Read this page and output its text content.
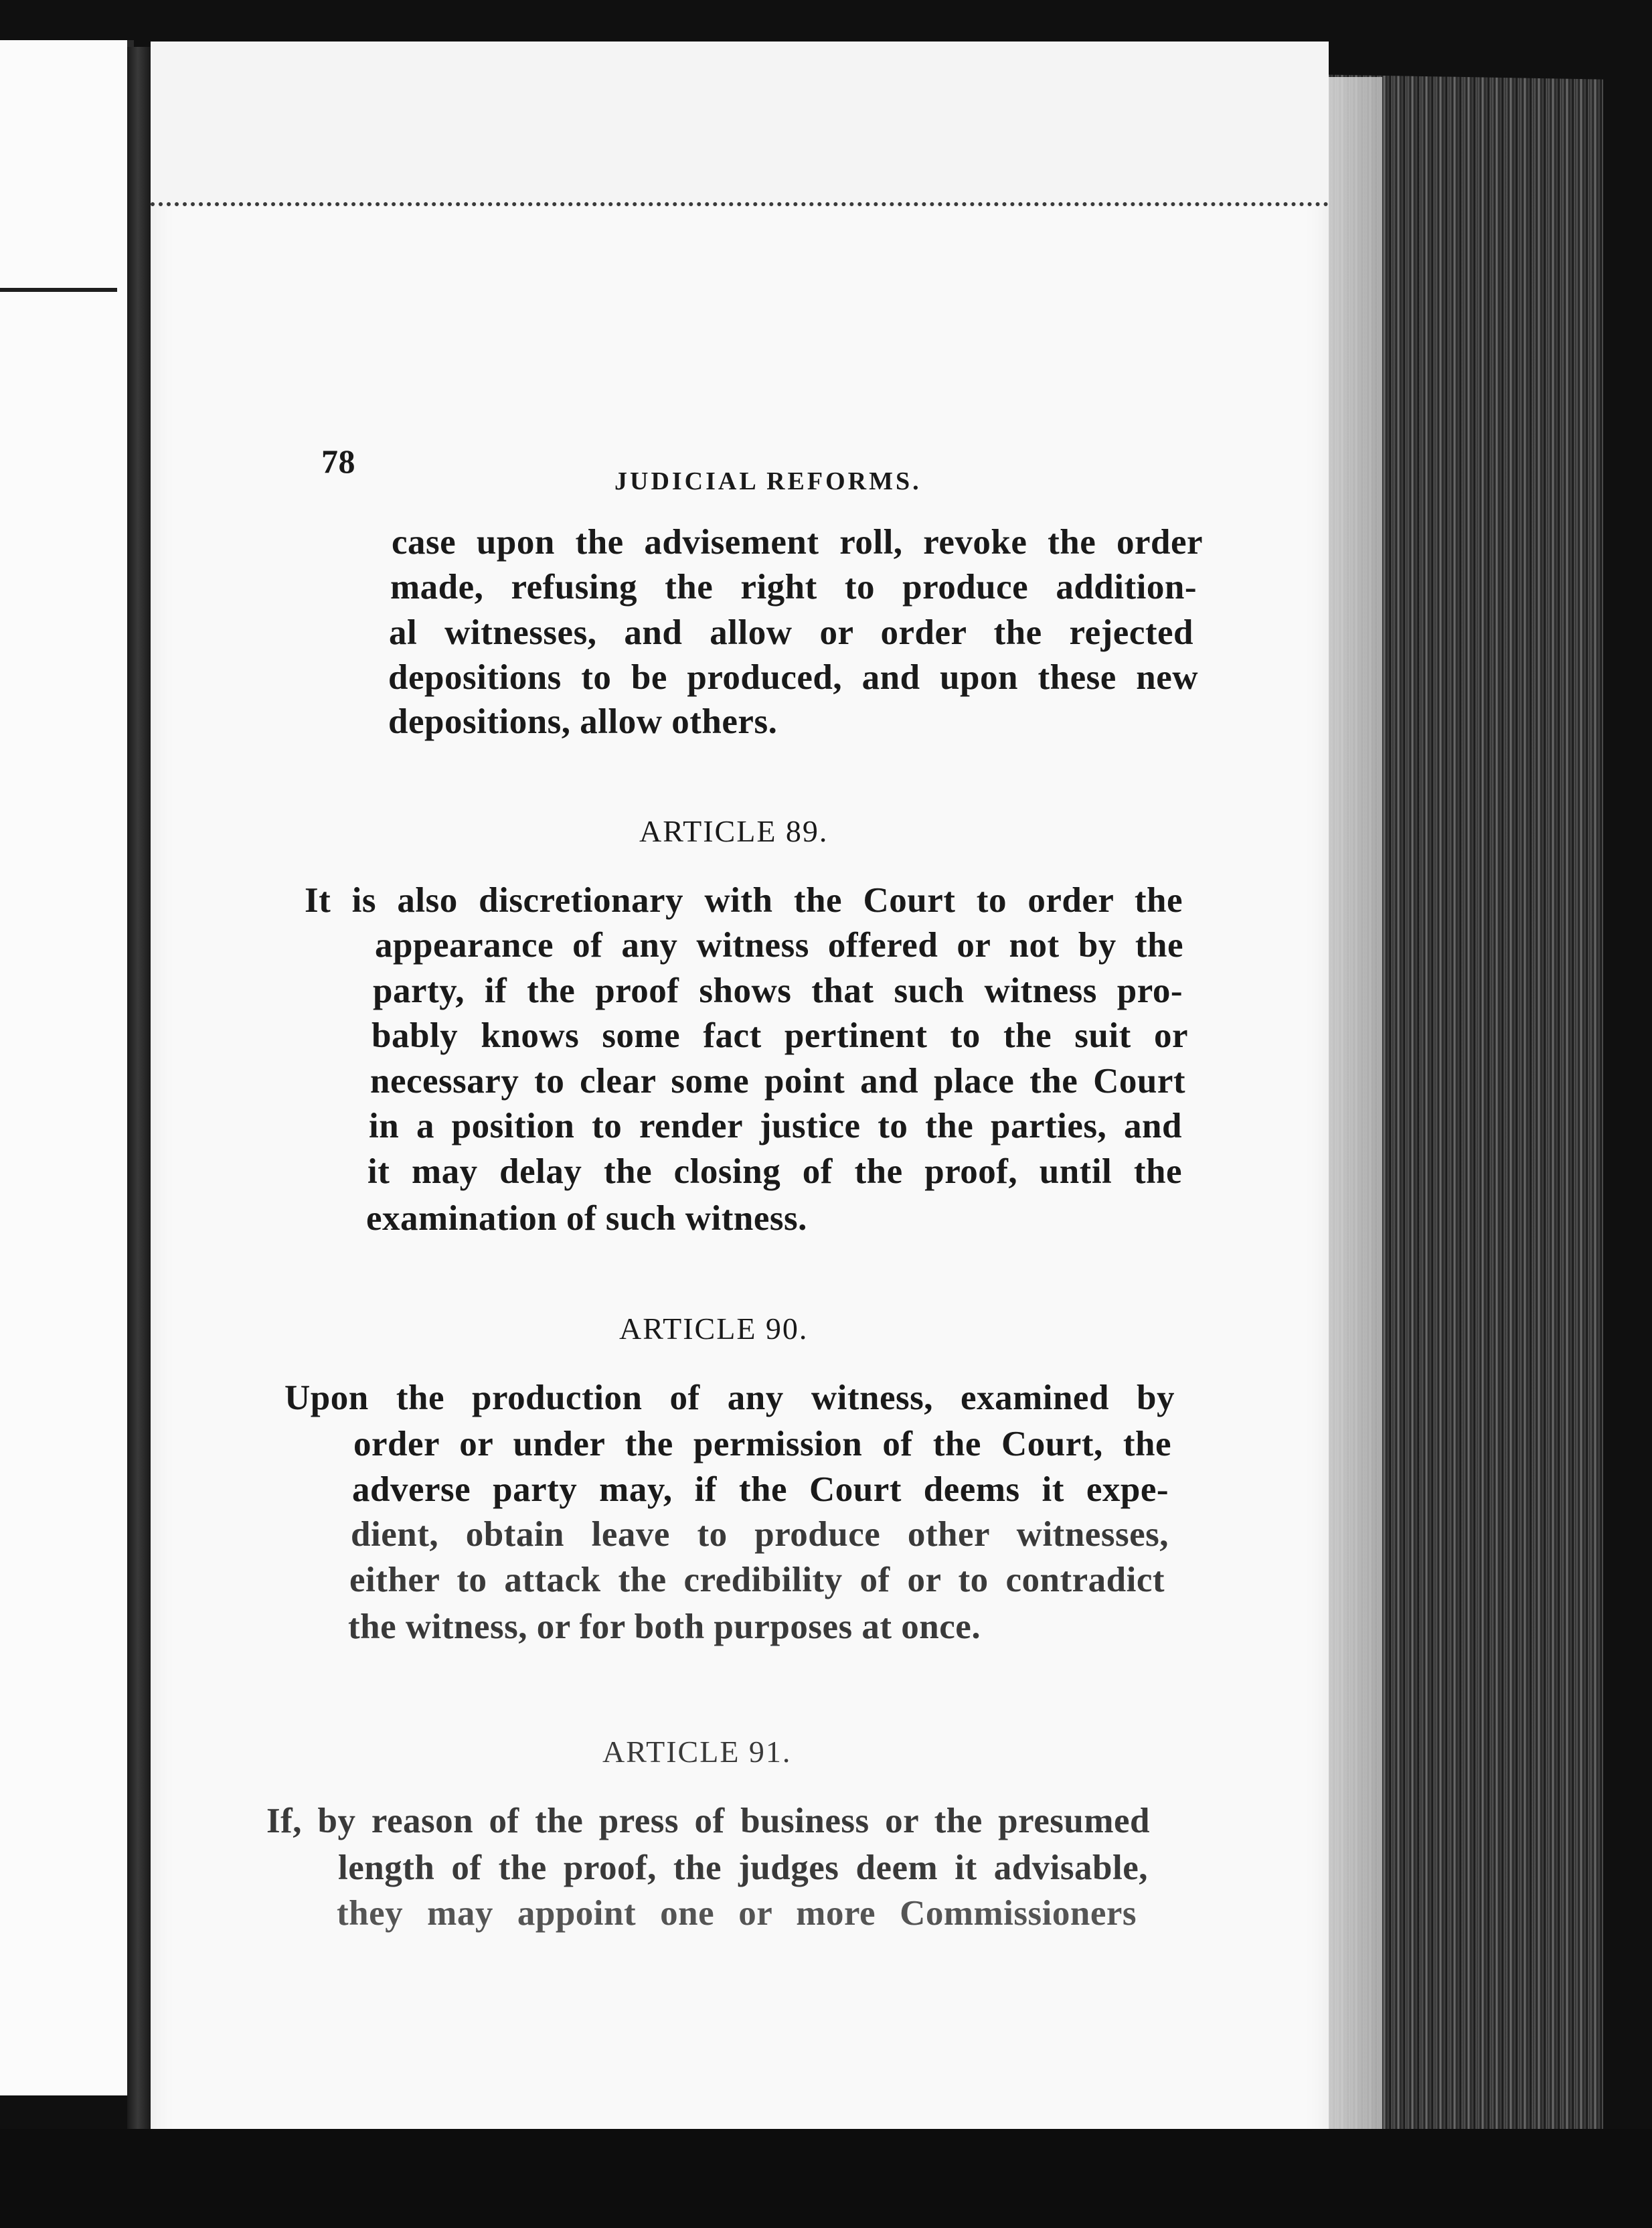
78
JUDICIAL REFORMS.
case upon the advisement roll, revoke the order
made, refusing the right to produce addition-
al witnesses, and allow or order the rejected
depositions to be produced, and upon these new
depositions, allow others.
ARTICLE 89.
It is also discretionary with the Court to order the
appearance of any witness offered or not by the
party, if the proof shows that such witness pro-
bably knows some fact pertinent to the suit or
necessary to clear some point and place the Court
in a position to render justice to the parties, and
it may delay the closing of the proof, until the
examination of such witness.
ARTICLE 90.
Upon the production of any witness, examined by
order or under the permission of the Court, the
adverse party may, if the Court deems it expe-
dient, obtain leave to produce other witnesses,
either to attack the credibility of or to contradict
the witness, or for both purposes at once.
ARTICLE 91.
If, by reason of the press of business or the presumed
length of the proof, the judges deem it advisable,
they may appoint one or more Commissioners
